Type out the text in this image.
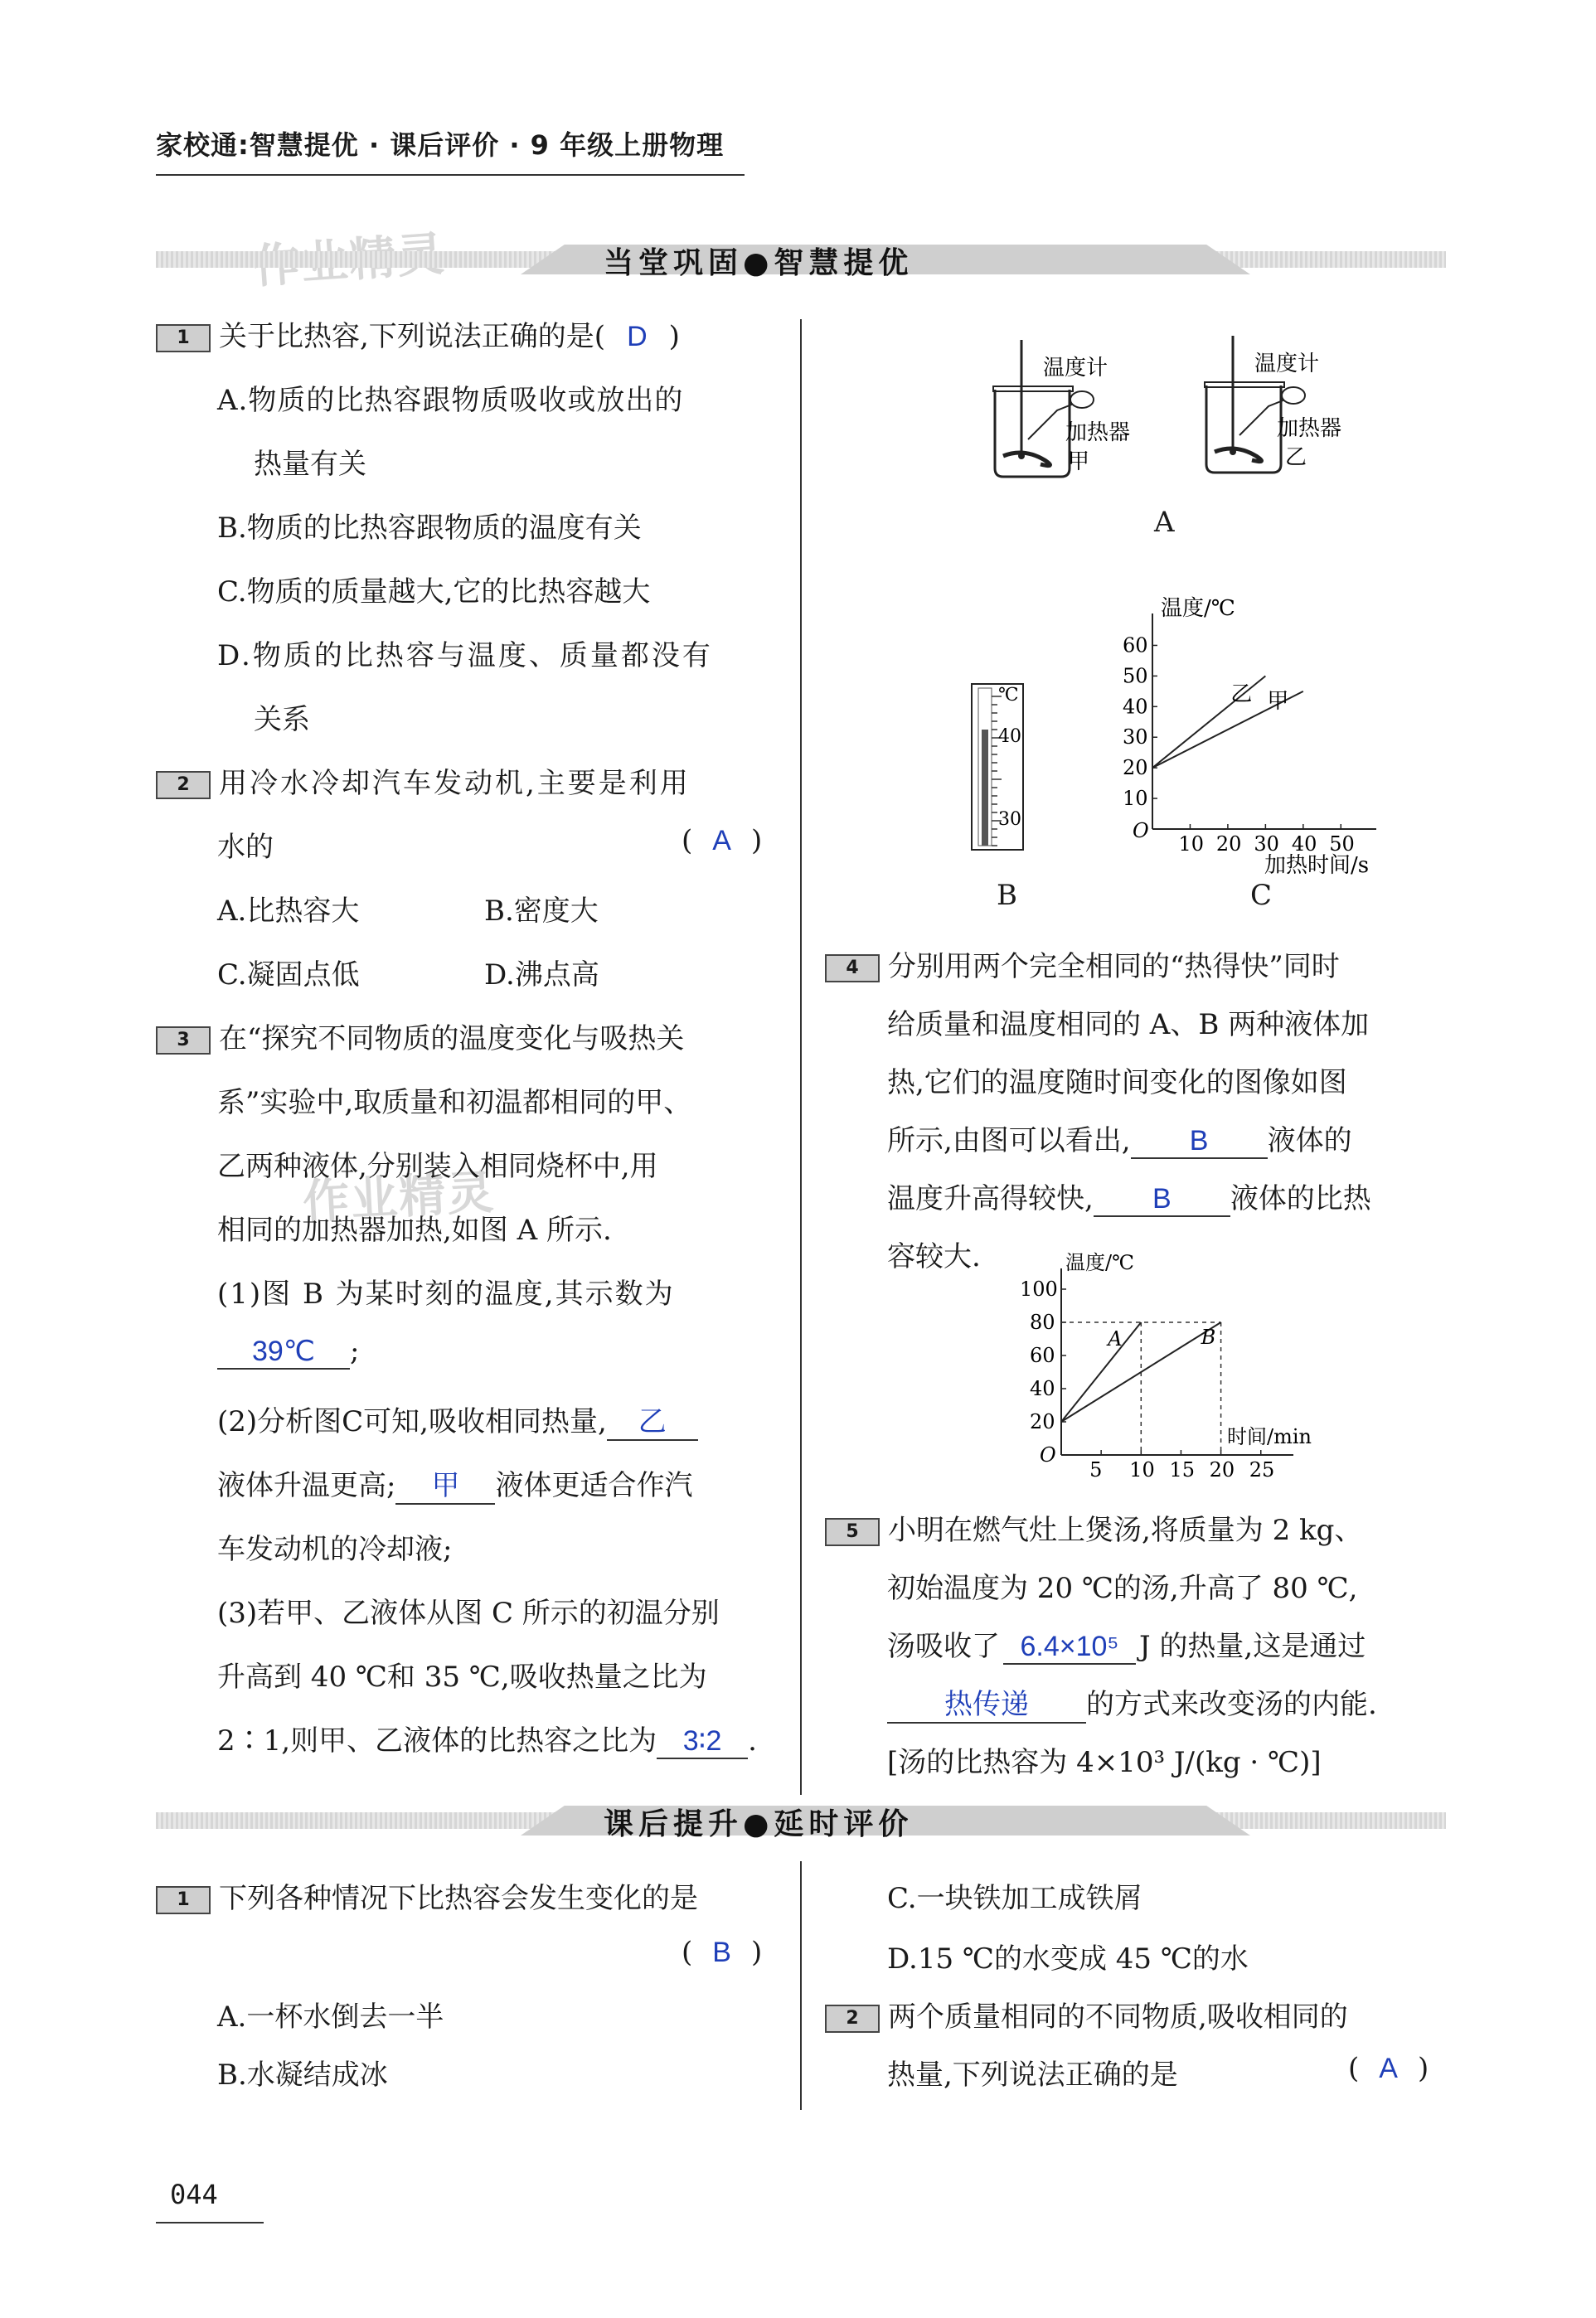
家校通:智慧提优 · 课后评价 · 9 年级上册物理
作业精灵
当堂巩固●智慧提优
1 关于比热容,下列说法正确的是( D )
A.物质的比热容跟物质吸收或放出的
热量有关
B.物质的比热容跟物质的温度有关
C.物质的质量越大,它的比热容越大
D.物质的比热容与温度、质量都没有
关系
2 用冷水冷却汽车发动机,主要是利用
水的	( A )
A.比热容大	B.密度大
C.凝固点低	D.沸点高
3 在“探究不同物质的温度变化与吸热关
系”实验中,取质量和初温都相同的甲、
乙两种液体,分别装入相同烧杯中,用
相同的加热器加热,如图 A 所示.
(1)图 B 为某时刻的温度,其示数为
39℃ ;
(2)分析图C可知,吸收相同热量, 乙
液体升温更高; 甲 液体更适合作汽
车发动机的冷却液;
(3)若甲、乙液体从图 C 所示的初温分别
升高到 40 ℃和 35 ℃,吸收热量之比为
2∶1,则甲、乙液体的比热容之比为 3∶2 .
温度计
加热器
甲
温度计
加热器
乙
A
℃
40
30
B
温度/℃
加热时间/s
O
10
20
30
40
50
60
10 20 30 40 50
乙 甲
C
4 分别用两个完全相同的“热得快”同时
给质量和温度相同的 A、B 两种液体加
热,它们的温度随时间变化的图像如图
所示,由图可以看出, B 液体的
温度升高得较快, B 液体的比热
容较大.	温度/℃
时间/min
O
20
40
60
80
100
5 10 15 20 25
A	B
5 小明在燃气灶上煲汤,将质量为 2 kg、
初始温度为 20 ℃的汤,升高了 80 ℃,
汤吸收了 6.4×10⁵ J 的热量,这是通过
热传递 的方式来改变汤的内能.
[汤的比热容为 4×10³ J/(kg · ℃)]
课后提升●延时评价
1 下列各种情况下比热容会发生变化的是
( B )
A.一杯水倒去一半
B.水凝结成冰
C.一块铁加工成铁屑
D.15 ℃的水变成 45 ℃的水
2 两个质量相同的不同物质,吸收相同的
热量,下列说法正确的是	( A )
044
